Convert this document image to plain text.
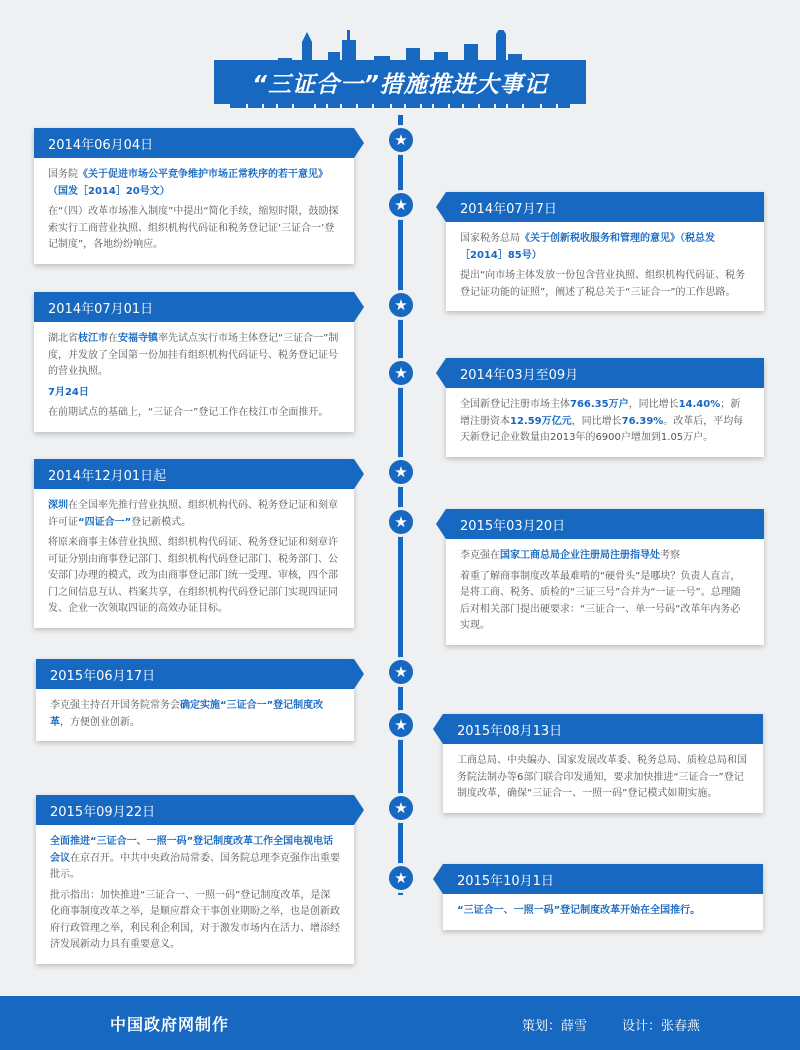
“三证合一”措施推进大事记
★
★
★
★
★
★
★
★
★
★
2014年06月04日

国务院《关于促进市场公平竞争维护市场正常秩序的若干意见》（国发［2014］20号文）

在“（四）改革市场准入制度”中提出“简化手续，缩短时限，鼓励探索实行工商营业执照、组织机构代码证和税务登记证‘三证合一’登记制度”，各地纷纷响应。

2014年07月7日

国家税务总局《关于创新税收服务和管理的意见》（税总发［2014］85号）

提出“向市场主体发放一份包含营业执照、组织机构代码证、税务登记证功能的证照”，阐述了税总关于“三证合一”的工作思路。

2014年07月01日

湖北省枝江市在安福寺镇率先试点实行市场主体登记“三证合一”制度，并发放了全国第一份加挂有组织机构代码证号、税务登记证号的营业执照。

7月24日

在前期试点的基础上，“三证合一”登记工作在枝江市全面推开。

2014年03月至09月

全国新登记注册市场主体766.35万户，同比增长14.40%；新增注册资本12.59万亿元，同比增长76.39%。改革后，平均每天新登记企业数量由2013年的6900户增加到1.05万户。

2014年12月01日起

深圳在全国率先推行营业执照、组织机构代码、税务登记证和刻章许可证“四证合一”登记新模式。

将原来商事主体营业执照、组织机构代码证、税务登记证和刻章许可证分别由商事登记部门、组织机构代码登记部门、税务部门、公安部门办理的模式，改为由商事登记部门统一受理、审核，四个部门之间信息互认、档案共享，在组织机构代码登记部门实现四证同发、企业一次领取四证的高效办证目标。

2015年03月20日

李克强在国家工商总局企业注册局注册指导处考察

着重了解商事制度改革最难啃的“硬骨头”是哪块？负责人直言，是将工商、税务、质检的“三证三号”合并为“一证一号”。总理随后对相关部门提出硬要求：“三证合一、单一号码”改革年内务必实现。

2015年06月17日

李克强主持召开国务院常务会确定实施“三证合一”登记制度改革，方便创业创新。

2015年08月13日

工商总局、中央编办、国家发展改革委、税务总局、质检总局和国务院法制办等6部门联合印发通知，要求加快推进“三证合一”登记制度改革，确保“三证合一、一照一码”登记模式如期实施。

2015年09月22日

全面推进“三证合一、一照一码”登记制度改革工作全国电视电话会议在京召开。中共中央政治局常委、国务院总理李克强作出重要批示。

批示指出：加快推进“三证合一、一照一码”登记制度改革，是深化商事制度改革之举，是顺应群众干事创业期盼之举，也是创新政府行政管理之举，利民利企利国，对于激发市场内在活力、增添经济发展新动力具有重要意义。

2015年10月1日

“三证合一、一照一码”登记制度改革开始在全国推行。

中国政府网制作	策划：薛雪	设计：张春燕
